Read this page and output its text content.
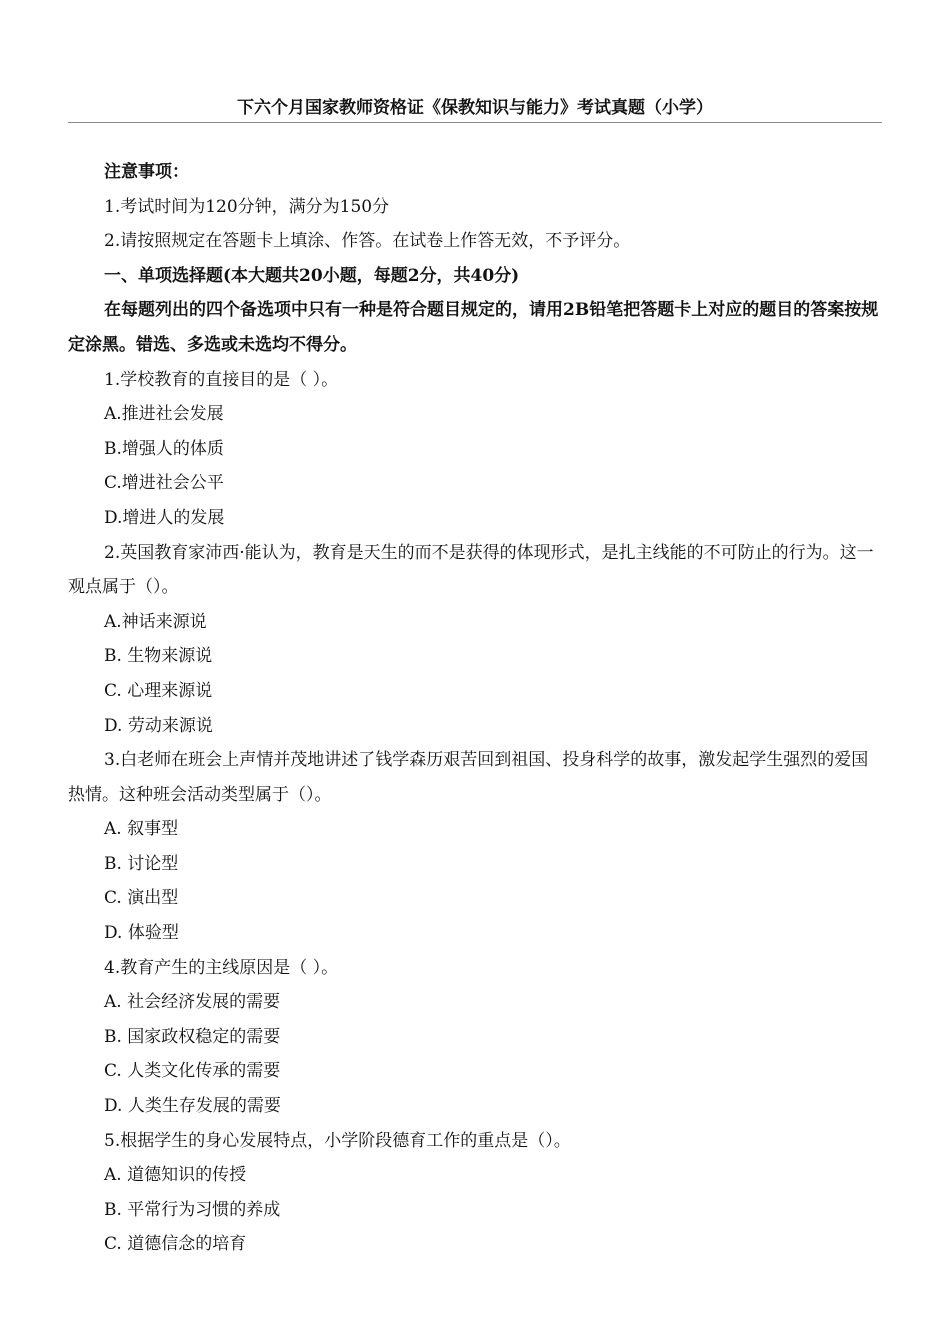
下六个月国家教师资格证《保教知识与能力》考试真题（小学）

注意事项：

1.考试时间为120分钟，满分为150分

2.请按照规定在答题卡上填涂、作答。在试卷上作答无效，不予评分。

一、单项选择题(本大题共20小题，每题2分，共40分)

在每题列出的四个备选项中只有一种是符合题目规定的，请用2B铅笔把答题卡上对应的题目的答案按规定涂黑。错选、多选或未选均不得分。

1.学校教育的直接目的是（ ）。

A.推进社会发展

B.增强人的体质

C.增进社会公平

D.增进人的发展

2.英国教育家沛西·能认为，教育是天生的而不是获得的体现形式，是扎主线能的不可防止的行为。这一观点属于（）。

A.神话来源说

B. 生物来源说

C. 心理来源说

D. 劳动来源说

3.白老师在班会上声情并茂地讲述了钱学森历艰苦回到祖国、投身科学的故事，激发起学生强烈的爱国热情。这种班会活动类型属于（）。

A. 叙事型

B. 讨论型

C. 演出型

D. 体验型

4.教育产生的主线原因是（ ）。

A. 社会经济发展的需要

B. 国家政权稳定的需要

C. 人类文化传承的需要

D. 人类生存发展的需要

5.根据学生的身心发展特点，小学阶段德育工作的重点是（）。

A. 道德知识的传授

B. 平常行为习惯的养成

C. 道德信念的培育
